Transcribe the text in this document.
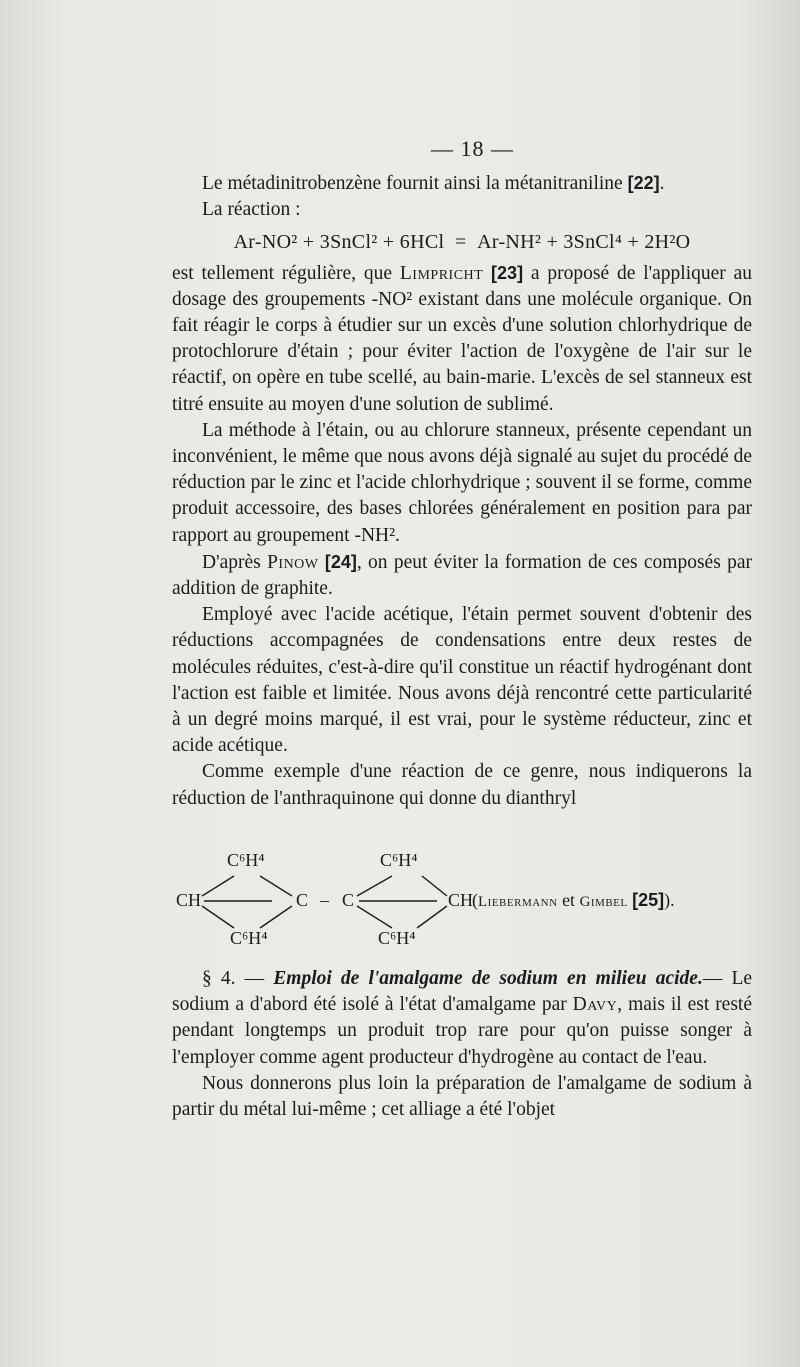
— 18 —

Le métadinitrobenzène fournit ainsi la métanitraniline [22].

La réaction :

Ar-NO² + 3SnCl² + 6HCl = Ar-NH² + 3SnCl⁴ + 2H²O

est tellement régulière, que Limpricht [23] a proposé de l'appliquer au dosage des groupements -NO² existant dans une molécule organique. On fait réagir le corps à étudier sur un excès d'une solution chlorhydrique de protochlorure d'étain ; pour éviter l'action de l'oxygène de l'air sur le réactif, on opère en tube scellé, au bain-marie. L'excès de sel stanneux est titré ensuite au moyen d'une solution de sublimé.

La méthode à l'étain, ou au chlorure stanneux, présente cependant un inconvénient, le même que nous avons déjà signalé au sujet du procédé de réduction par le zinc et l'acide chlorhydrique ; souvent il se forme, comme produit accessoire, des bases chlorées généralement en position para par rapport au groupement -NH².

D'après Pinow [24], on peut éviter la formation de ces composés par addition de graphite.

Employé avec l'acide acétique, l'étain permet souvent d'obtenir des réductions accompagnées de condensations entre deux restes de molécules réduites, c'est-à-dire qu'il constitue un réactif hydrogénant dont l'action est faible et limitée. Nous avons déjà rencontré cette particularité à un degré moins marqué, il est vrai, pour le système réducteur, zinc et acide acétique.

Comme exemple d'une réaction de ce genre, nous indiquerons la réduction de l'anthraquinone qui donne du dianthryl

C⁶H⁴	C⁶H⁴
CH	C – C	CH
(Liebermann et Gimbel [25]).
C⁶H⁴	C⁶H⁴

§ 4. — Emploi de l'amalgame de sodium en milieu acide.— Le sodium a d'abord été isolé à l'état d'amalgame par Davy, mais il est resté pendant longtemps un produit trop rare pour qu'on puisse songer à l'employer comme agent producteur d'hydrogène au contact de l'eau.

Nous donnerons plus loin la préparation de l'amalgame de sodium à partir du métal lui-même ; cet alliage a été l'objet
